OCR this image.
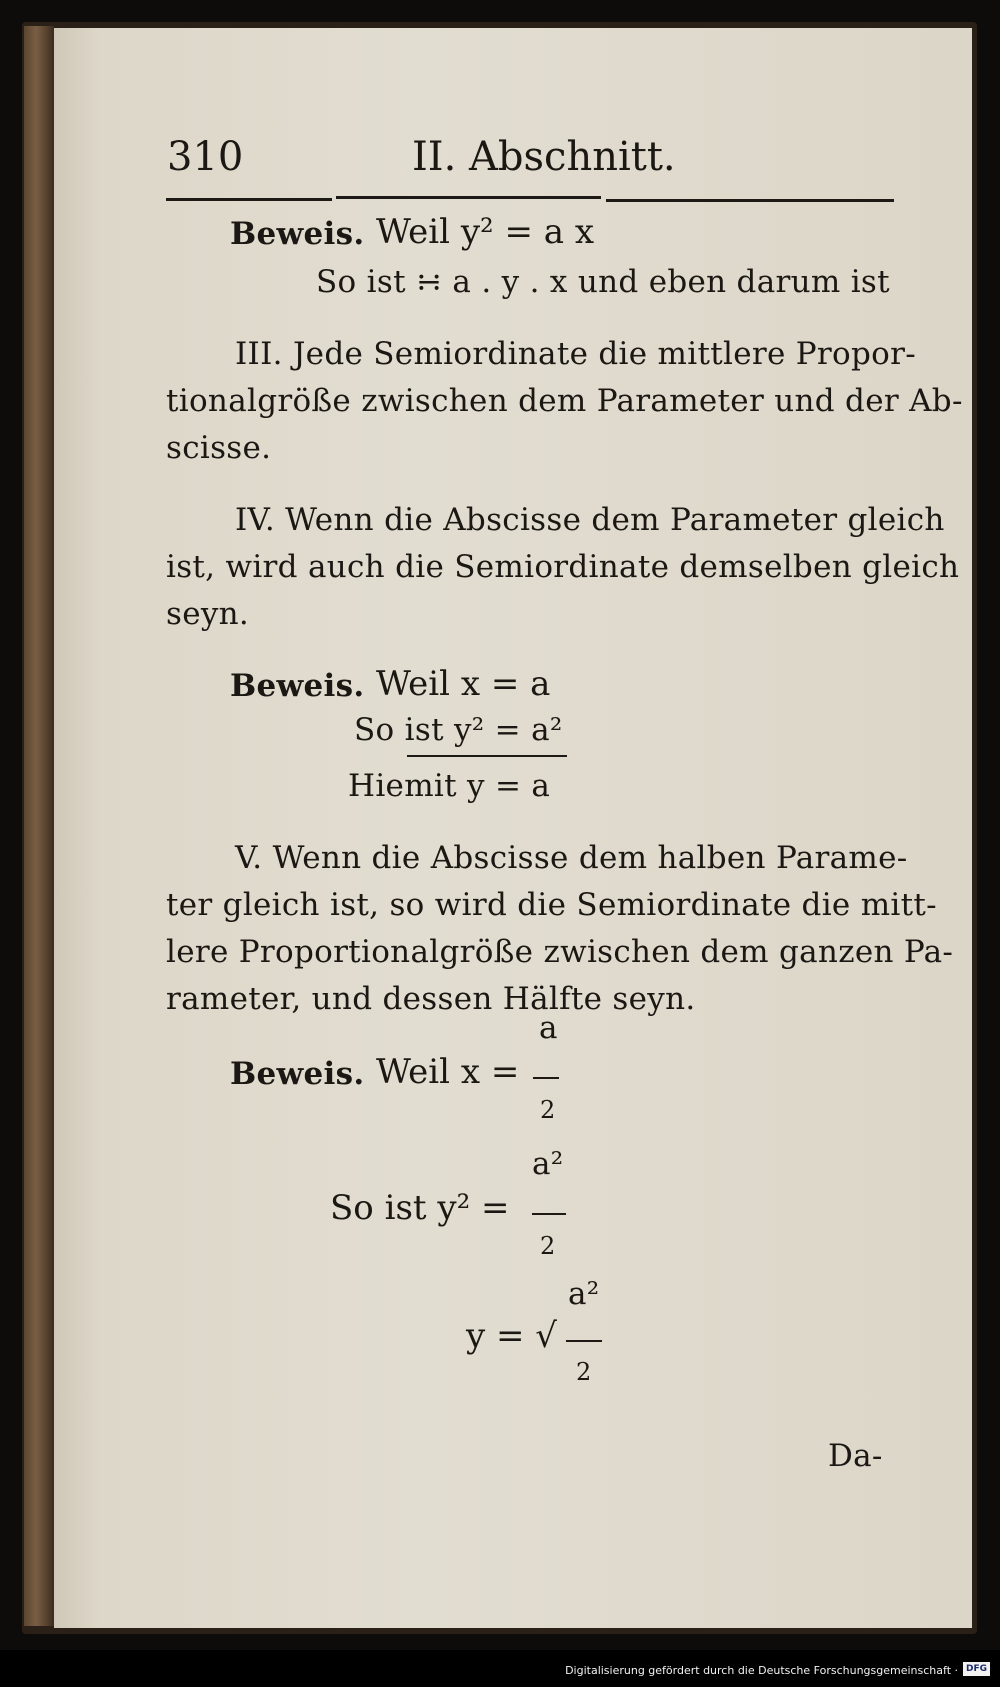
310	II. Abschnitt.
Beweis. Weil y² = a x
So ist ∺ a . y . x und eben darum ist
III. Jede Semiordinate die mittlere Propor-
tionalgröße zwischen dem Parameter und der Ab-
scisse.
IV. Wenn die Abscisse dem Parameter gleich
ist, wird auch die Semiordinate demselben gleich
seyn.
Beweis. Weil x = a
So ist y² = a²
Hiemit y = a
V. Wenn die Abscisse dem halben Parame-
ter gleich ist, so wird die Semiordinate die mitt-
lere Proportionalgröße zwischen dem ganzen Pa-
rameter, und dessen Hälfte seyn.
a
Beweis. Weil x =
2
a²
So ist y² =
2
a²
y = √
2
Da-
Digitalisierung gefördert durch die Deutsche Forschungsgemeinschaft · DFG
